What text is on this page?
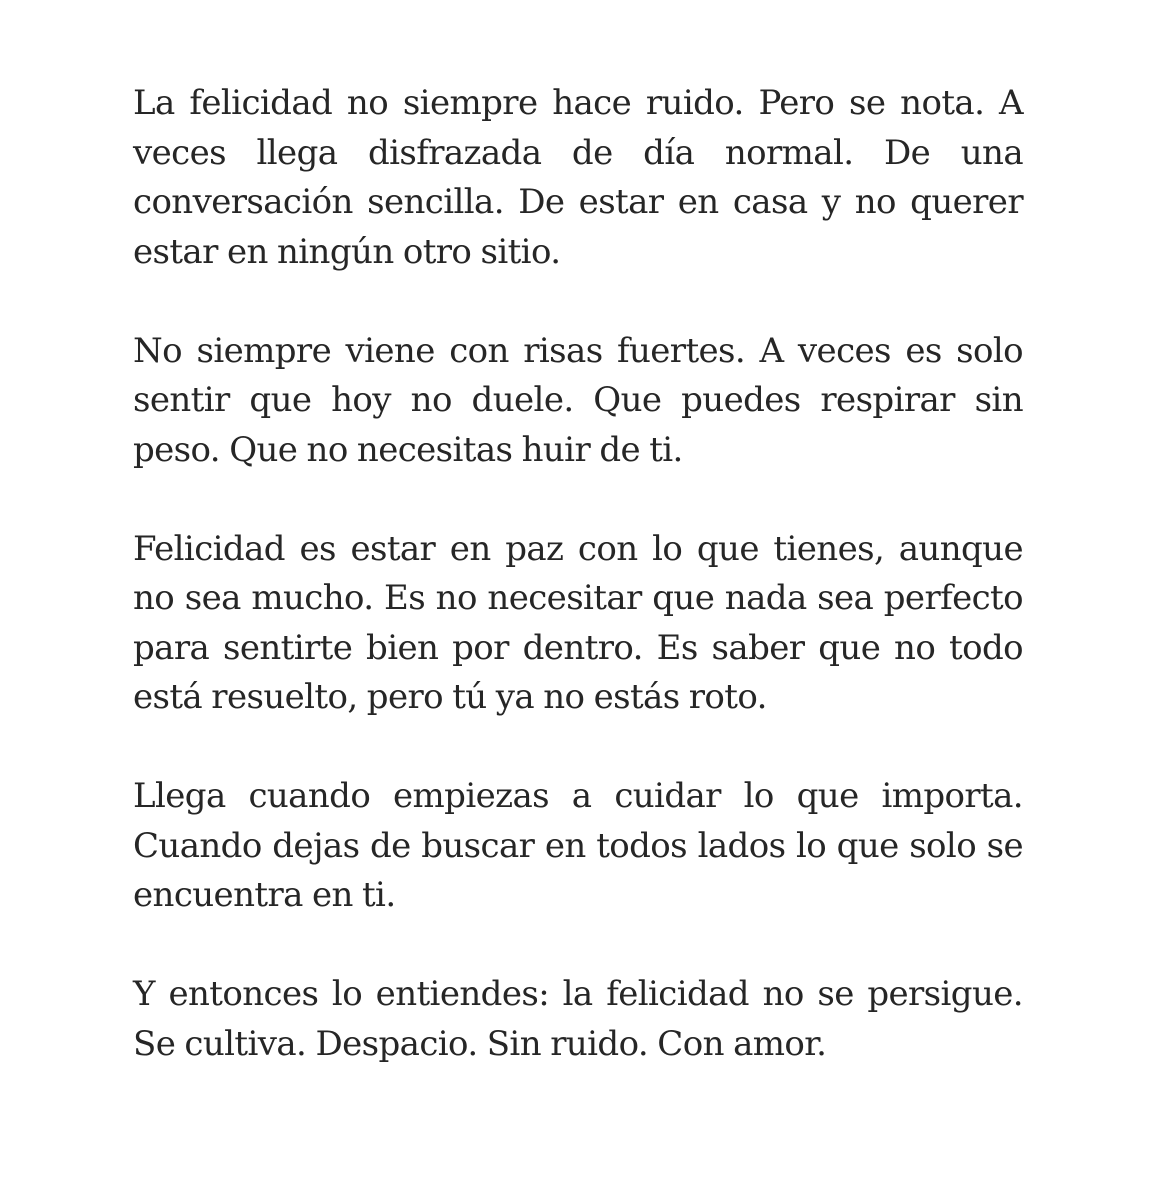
La felicidad no siempre hace ruido. Pero se nota. A veces llega disfrazada de día normal. De una conversación sencilla. De estar en casa y no querer estar en ningún otro sitio.

No siempre viene con risas fuertes. A veces es solo sentir que hoy no duele. Que puedes respirar sin peso. Que no necesitas huir de ti.

Felicidad es estar en paz con lo que tienes, aunque no sea mucho. Es no necesitar que nada sea perfecto para sentirte bien por dentro. Es saber que no todo está resuelto, pero tú ya no estás roto.

Llega cuando empiezas a cuidar lo que importa. Cuando dejas de buscar en todos lados lo que solo se encuentra en ti.

Y entonces lo entiendes: la felicidad no se persigue. Se cultiva. Despacio. Sin ruido. Con amor.
